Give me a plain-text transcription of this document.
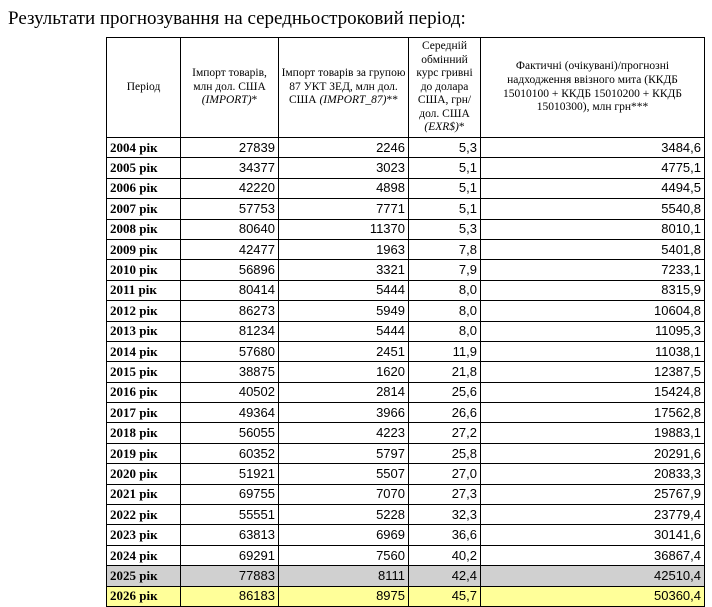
Результати прогнозування на середньостроковий період:
Період	Імпорт товарів, млн дол. США (IMPORT)*	Імпорт товарів за групою 87 УКТ ЗЕД, млн дол. США (IMPORT_87)**	Середній обмінний курс гривні до долара США, грн/дол. США (EXR$)*	Фактичні (очікувані)/прогнозні надходження ввізного мита (ККДБ 15010100 + ККДБ 15010200 + ККДБ 15010300), млн грн***
2004 рік	27839	2246	5,3	3484,6
2005 рік	34377	3023	5,1	4775,1
2006 рік	42220	4898	5,1	4494,5
2007 рік	57753	7771	5,1	5540,8
2008 рік	80640	11370	5,3	8010,1
2009 рік	42477	1963	7,8	5401,8
2010 рік	56896	3321	7,9	7233,1
2011 рік	80414	5444	8,0	8315,9
2012 рік	86273	5949	8,0	10604,8
2013 рік	81234	5444	8,0	11095,3
2014 рік	57680	2451	11,9	11038,1
2015 рік	38875	1620	21,8	12387,5
2016 рік	40502	2814	25,6	15424,8
2017 рік	49364	3966	26,6	17562,8
2018 рік	56055	4223	27,2	19883,1
2019 рік	60352	5797	25,8	20291,6
2020 рік	51921	5507	27,0	20833,3
2021 рік	69755	7070	27,3	25767,9
2022 рік	55551	5228	32,3	23779,4
2023 рік	63813	6969	36,6	30141,6
2024 рік	69291	7560	40,2	36867,4
2025 рік	77883	8111	42,4	42510,4
2026 рік	86183	8975	45,7	50360,4
